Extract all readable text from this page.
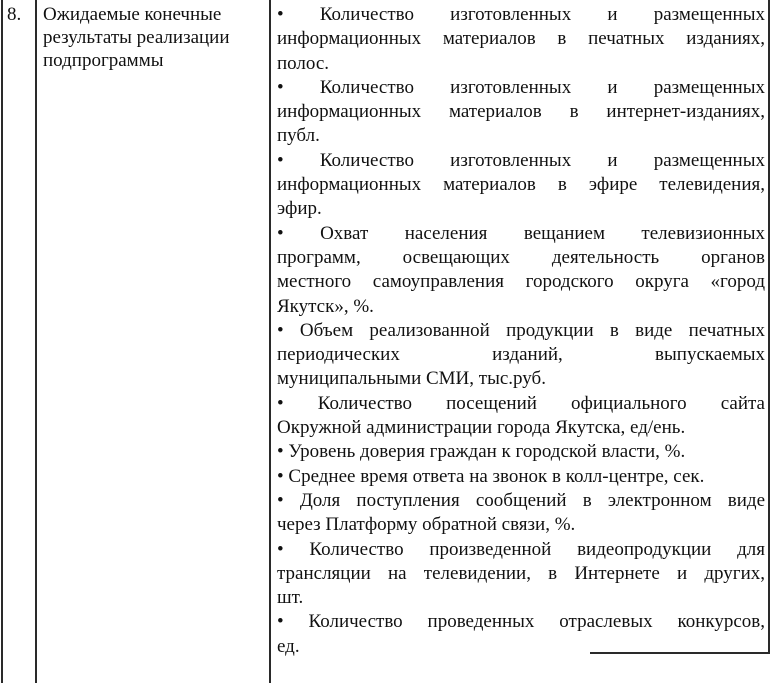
8. Ожидаемые конечные
результаты реализации
подпрограммы
• Количество изготовленных и размещенных
информационных материалов в печатных изданиях,
полос.
• Количество изготовленных и размещенных
информационных материалов в интернет-изданиях,
публ.
• Количество изготовленных и размещенных
информационных материалов в эфире телевидения,
эфир.
• Охват населения вещанием телевизионных
программ, освещающих деятельность органов
местного самоуправления городского округа «город
Якутск», %.
• Объем реализованной продукции в виде печатных
периодических изданий, выпускаемых
муниципальными СМИ, тыс.руб.
• Количество посещений официального сайта
Окружной администрации города Якутска, ед/ень.
• Уровень доверия граждан к городской власти, %.
• Среднее время ответа на звонок в колл-центре, сек.
• Доля поступления сообщений в электронном виде
через Платформу обратной связи, %.
• Количество произведенной видеопродукции для
трансляции на телевидении, в Интернете и других,
шт.
• Количество проведенных отраслевых конкурсов,
ед.
